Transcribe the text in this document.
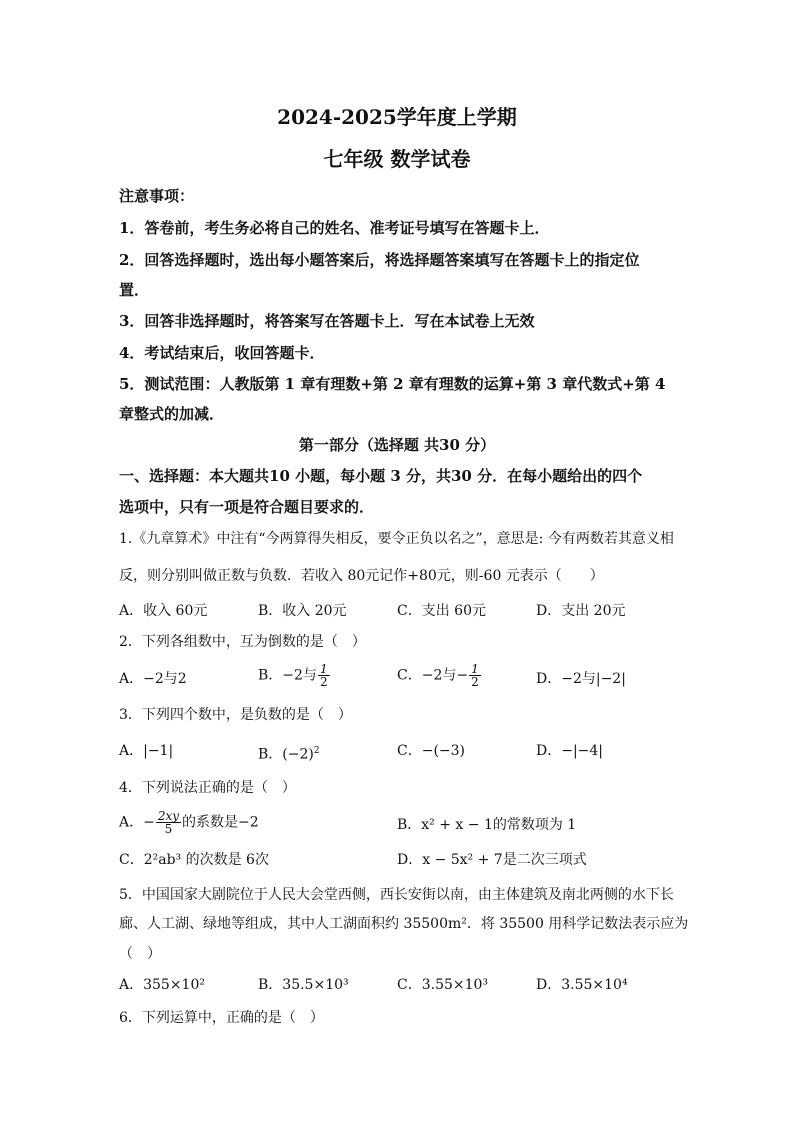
2024-2025学年度上学期
七年级 数学试卷
注意事项：
1．答卷前，考生务必将自己的姓名、准考证号填写在答题卡上．
2．回答选择题时，选出每小题答案后，将选择题答案填写在答题卡上的指定位
置．
3．回答非选择题时，将答案写在答题卡上．写在本试卷上无效
4．考试结束后，收回答题卡．
5．测试范围：人教版第 1 章有理数+第 2 章有理数的运算+第 3 章代数式+第 4
章整式的加减．
第一部分（选择题 共30 分）
一、选择题：本大题共10 小题，每小题 3 分，共30 分．在每小题给出的四个
选项中，只有一项是符合题目要求的．
1.《九章算术》中注有“今两算得失相反，要令正负以名之”，意思是: 今有两数若其意义相
反，则分别叫做正数与负数．若收入 80元记作+80元，则-60 元表示（　　）
A．收入 60元	B．收入 20元	C．支出 60元	D．支出 20元
2．下列各组数中，互为倒数的是（　）
A．−2与2	B．−2与 $\frac{1}{2}$	C．−2与− $\frac{1}{2}$	D．−2与|−2|
3．下列四个数中，是负数的是（　）
A．|−1|	B．$(-2)^2$	C．−(−3)	D．−|−4|
4．下列说法正确的是（　）
A．− $\frac{2xy}{5}$ 的系数是−2	B．x² + x − 1的常数项为 1
C．2²ab³ 的次数是 6次	D．x − 5x² + 7是二次三项式
5．中国国家大剧院位于人民大会堂西侧，西长安街以南，由主体建筑及南北两侧的水下长
廊、人工湖、绿地等组成，其中人工湖面积约 35500m²．将 35500 用科学记数法表示应为
（　）
A．355×10²	B．35.5×10³	C．3.55×10³	D．3.55×10⁴
6．下列运算中，正确的是（　）
